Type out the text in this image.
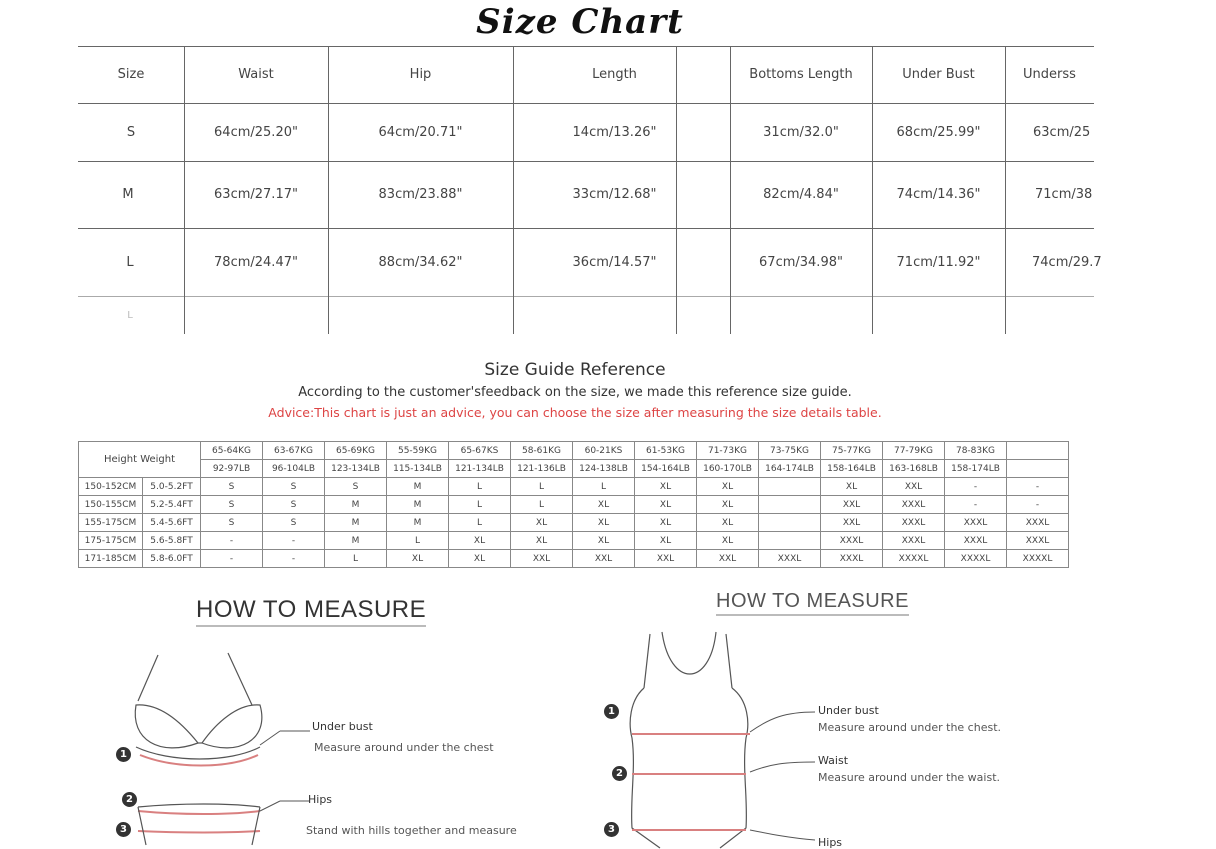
Size Chart
Size	Waist	Hip	Length	Bottoms Length	Under Bust	Underss
S	64cm/25.20"	64cm/20.71"	14cm/13.26"	31cm/32.0"	68cm/25.99"	63cm/25
M	63cm/27.17"	83cm/23.88"	33cm/12.68"	82cm/4.84"	74cm/14.36"	71cm/38
L	78cm/24.47"	88cm/34.62"	36cm/14.57"	67cm/34.98"	71cm/11.92"	74cm/29.7
L
Size Guide Reference
According to the customer'sfeedback on the size, we made this reference size guide.
Advice:This chart is just an advice, you can choose the size after measuring the size details table.
Height Weight		65-64KG	63-67KG	65-69KG	55-59KG	65-67KS	58-61KG	60-21KS	61-53KG	71-73KG	73-75KG	75-77KG	77-79KG	78-83KG	
		92-97LB	96-104LB	123-134LB	115-134LB	121-134LB	121-136LB	124-138LB	154-164LB	160-170LB	164-174LB	158-164LB	163-168LB	158-174LB	
150-152CM	5.0-5.2FT	S	S	S	M	L	L	L	XL	XL		XL	XXL	-	-
150-155CM	5.2-5.4FT	S	S	M	M	L	L	XL	XL	XL		XXL	XXXL	-	-
155-175CM	5.4-5.6FT	S	S	M	M	L	XL	XL	XL	XL		XXL	XXXL	XXXL	XXXL
175-175CM	5.6-5.8FT	-	-	M	L	XL	XL	XL	XL	XL		XXXL	XXXL	XXXL	XXXL
171-185CM	5.8-6.0FT	-	-	L	XL	XL	XXL	XXL	XXL	XXL	XXXL	XXXL	XXXXL	XXXXL	XXXXL
HOW TO MEASURE
1
2
3
Under bust
Measure around under the chest
Hips
Stand with hills together and measure
HOW TO MEASURE
1
2
3
Under bust
Measure around under the chest.
Waist
Measure around under the waist.
Hips
